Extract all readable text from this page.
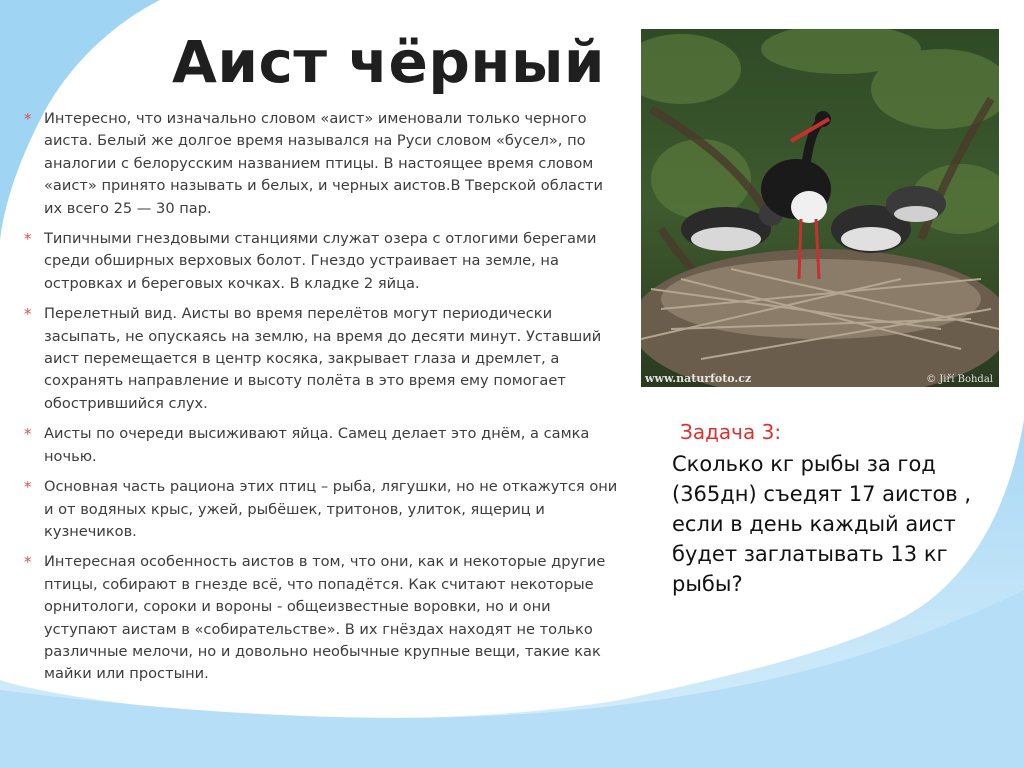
Аист чёрный
* Интересно, что изначально словом «аист» именовали только черного аиста. Белый же долгое время назывался на Руси словом «бусел», по аналогии с белорусским названием птицы. В настоящее время словом «аист» принято называть и белых, и черных аистов.В Тверской области их всего 25 — 30 пар.
* Типичными гнездовыми станциями служат озера с отлогими берегами среди обширных верховых болот. Гнездо устраивает на земле, на островках и береговых кочках. В кладке 2 яйца.
* Перелетный вид. Аисты во время перелётов могут периодически засыпать, не опускаясь на землю, на время до десяти минут. Уставший аист перемещается в центр косяка, закрывает глаза и дремлет, а сохранять направление и высоту полёта в это время ему помогает обострившийся слух.
* Аисты по очереди высиживают яйца. Самец делает это днём, а самка ночью.
* Основная часть рациона этих птиц – рыба, лягушки, но не откажутся они и от водяных крыс, ужей, рыбёшек, тритонов, улиток, ящериц и кузнечиков.
* Интересная особенность аистов в том, что они, как и некоторые другие птицы, собирают в гнезде всё, что попадётся. Как считают некоторые орнитологи, сороки и вороны - общеизвестные воровки, но и они уступают аистам в «собирательстве». В их гнёздах находят не только различные мелочи, но и довольно необычные крупные вещи, такие как майки или простыни.
www.naturfoto.cz	© Jiří Bohdal
Задача 3:

Сколько кг рыбы за год (365дн) съедят 17 аистов , если в день каждый аист будет заглатывать 13 кг рыбы?
